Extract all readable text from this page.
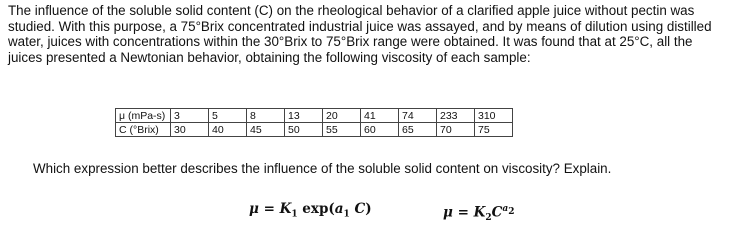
The influence of the soluble solid content (C) on the rheological behavior of a clarified apple juice without pectin was studied. With this purpose, a 75°Brix concentrated industrial juice was assayed, and by means of dilution using distilled water, juices with concentrations within the 30°Brix to 75°Brix range were obtained. It was found that at 25°C, all the juices presented a Newtonian behavior, obtaining the following viscosity of each sample:

μ (mPa-s)	3	5	8	13	20	41	74	233	310
C (°Brix)	30	40	45	50	55	60	65	70	75

Which expression better describes the influence of the soluble solid content on viscosity? Explain.

$\mu = K_1$ $\exp(a_1$ C)	$\mu = K_2C^{a_2}$
